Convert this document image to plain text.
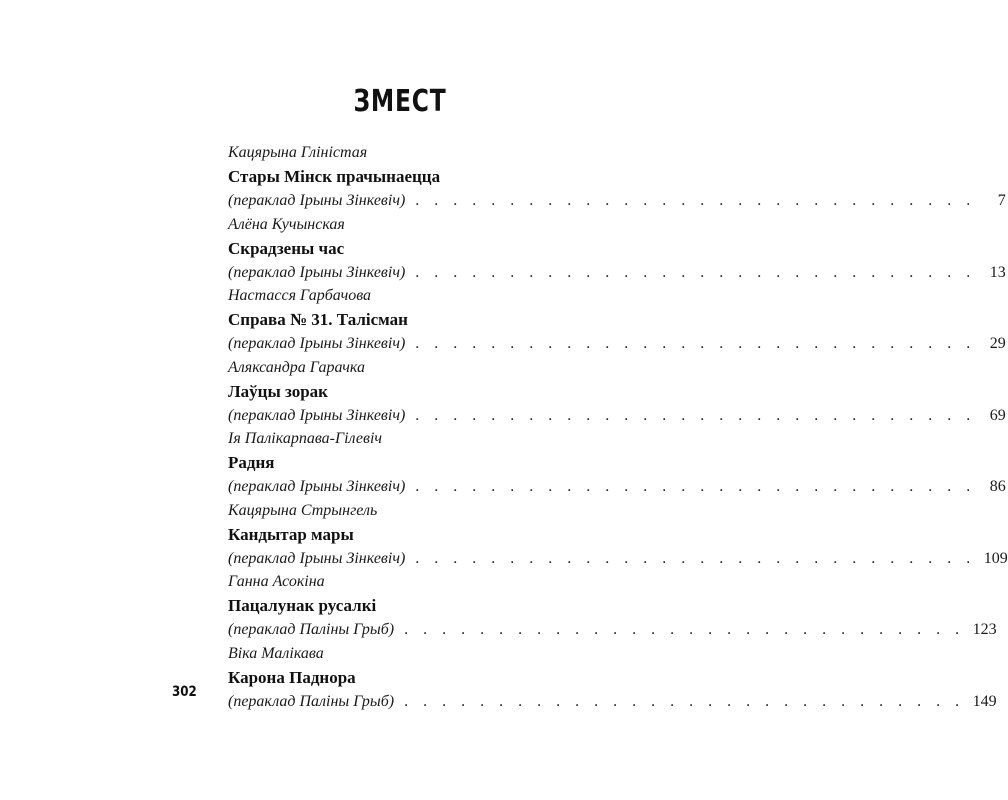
ЗМЕСТ
Кацярына Глiнiстая
Стары Мiнск прачынаецца
(пераклад Ірыны Зiнкевiч) . . . . . . . . . . . . . . . . . . . . . . . . . . . . . .	7
Алёна Кучынская
Скрадзены час
(пераклад Ірыны Зiнкевiч) . . . . . . . . . . . . . . . . . . . . . . . . . . . . . . 13
Настасся Гарбачова
Справа № 31. Талiсман
(пераклад Ірыны Зiнкевiч) . . . . . . . . . . . . . . . . . . . . . . . . . . . . . . 29
Аляксандра Гарачка
Лаўцы зорак
(пераклад Ірыны Зiнкевiч) . . . . . . . . . . . . . . . . . . . . . . . . . . . . . . 69
Ія Палiкарпава-Гiлевiч
Радня
(пераклад Ірыны Зiнкевiч) . . . . . . . . . . . . . . . . . . . . . . . . . . . . . . 86
Кацярына Стрынгель
Кандытар мары
(пераклад Ірыны Зiнкевiч) . . . . . . . . . . . . . . . . . . . . . . . . . . . . . . 109
Ганна Асокiна
Пацалунак русалкi
(пераклад Палiны Грыб) . . . . . . . . . . . . . . . . . . . . . . . . . . . . . . 123
Вiка Малiкава
Карона Паднора
(пераклад Палiны Грыб) . . . . . . . . . . . . . . . . . . . . . . . . . . . . . . 149
302
